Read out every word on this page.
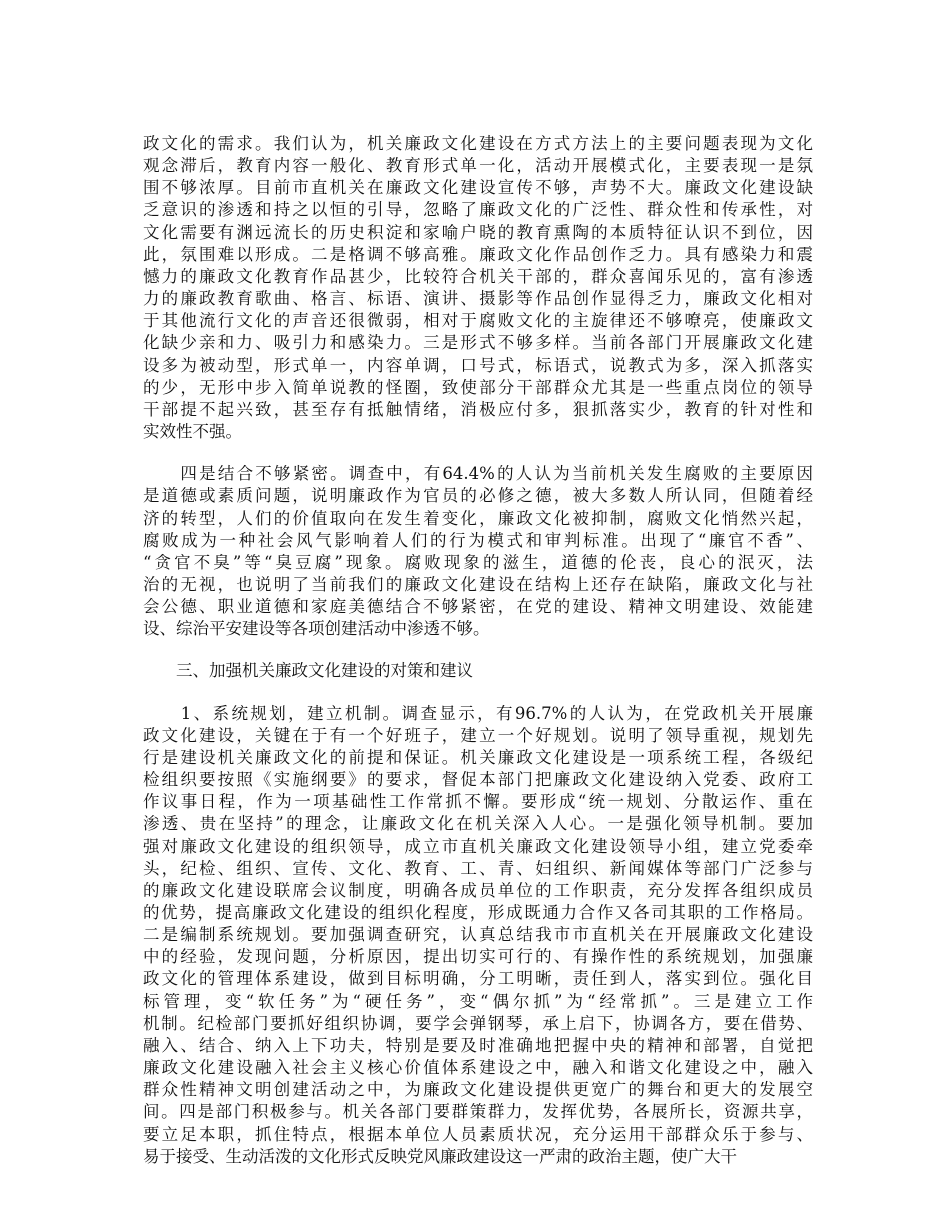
政文化的需求。我们认为，机关廉政文化建设在方式方法上的主要问题表现为文化
观念滞后，教育内容一般化、教育形式单一化，活动开展模式化，主要表现一是氛
围不够浓厚。目前市直机关在廉政文化建设宣传不够，声势不大。廉政文化建设缺
乏意识的渗透和持之以恒的引导，忽略了廉政文化的广泛性、群众性和传承性，对
文化需要有渊远流长的历史积淀和家喻户晓的教育熏陶的本质特征认识不到位，因
此，氛围难以形成。二是格调不够高雅。廉政文化作品创作乏力。具有感染力和震
憾力的廉政文化教育作品甚少，比较符合机关干部的，群众喜闻乐见的，富有渗透
力的廉政教育歌曲、格言、标语、演讲、摄影等作品创作显得乏力，廉政文化相对
于其他流行文化的声音还很微弱，相对于腐败文化的主旋律还不够嘹亮，使廉政文
化缺少亲和力、吸引力和感染力。三是形式不够多样。当前各部门开展廉政文化建
设多为被动型，形式单一，内容单调，口号式，标语式，说教式为多，深入抓落实
的少，无形中步入简单说教的怪圈，致使部分干部群众尤其是一些重点岗位的领导
干部提不起兴致，甚至存有抵触情绪，消极应付多，狠抓落实少，教育的针对性和
实效性不强。
　　四是结合不够紧密。调查中，有64.4%的人认为当前机关发生腐败的主要原因
是道德或素质问题，说明廉政作为官员的必修之德，被大多数人所认同，但随着经
济的转型，人们的价值取向在发生着变化，廉政文化被抑制，腐败文化悄然兴起，
腐败成为一种社会风气影响着人们的行为模式和审判标准。出现了“廉官不香”、
“贪官不臭”等“臭豆腐”现象。腐败现象的滋生，道德的伦丧，良心的泯灭，法
治的无视，也说明了当前我们的廉政文化建设在结构上还存在缺陷，廉政文化与社
会公德、职业道德和家庭美德结合不够紧密，在党的建设、精神文明建设、效能建
设、综治平安建设等各项创建活动中渗透不够。
　　三、加强机关廉政文化建设的对策和建议
　　1、系统规划，建立机制。调查显示，有96.7%的人认为，在党政机关开展廉
政文化建设，关键在于有一个好班子，建立一个好规划。说明了领导重视，规划先
行是建设机关廉政文化的前提和保证。机关廉政文化建设是一项系统工程，各级纪
检组织要按照《实施纲要》的要求，督促本部门把廉政文化建设纳入党委、政府工
作议事日程，作为一项基础性工作常抓不懈。要形成“统一规划、分散运作、重在
渗透、贵在坚持”的理念，让廉政文化在机关深入人心。一是强化领导机制。要加
强对廉政文化建设的组织领导，成立市直机关廉政文化建设领导小组，建立党委牵
头，纪检、组织、宣传、文化、教育、工、青、妇组织、新闻媒体等部门广泛参与
的廉政文化建设联席会议制度，明确各成员单位的工作职责，充分发挥各组织成员
的优势，提高廉政文化建设的组织化程度，形成既通力合作又各司其职的工作格局。
二是编制系统规划。要加强调查研究，认真总结我市市直机关在开展廉政文化建设
中的经验，发现问题，分析原因，提出切实可行的、有操作性的系统规划，加强廉
政文化的管理体系建设，做到目标明确，分工明晰，责任到人，落实到位。强化目
标管理，变“软任务”为“硬任务”，变“偶尔抓”为“经常抓”。三是建立工作
机制。纪检部门要抓好组织协调，要学会弹钢琴，承上启下，协调各方，要在借势、
融入、结合、纳入上下功夫，特别是要及时准确地把握中央的精神和部署，自觉把
廉政文化建设融入社会主义核心价值体系建设之中，融入和谐文化建设之中，融入
群众性精神文明创建活动之中，为廉政文化建设提供更宽广的舞台和更大的发展空
间。四是部门积极参与。机关各部门要群策群力，发挥优势，各展所长，资源共享，
要立足本职，抓住特点，根据本单位人员素质状况，充分运用干部群众乐于参与、
易于接受、生动活泼的文化形式反映党风廉政建设这一严肃的政治主题，使广大干
